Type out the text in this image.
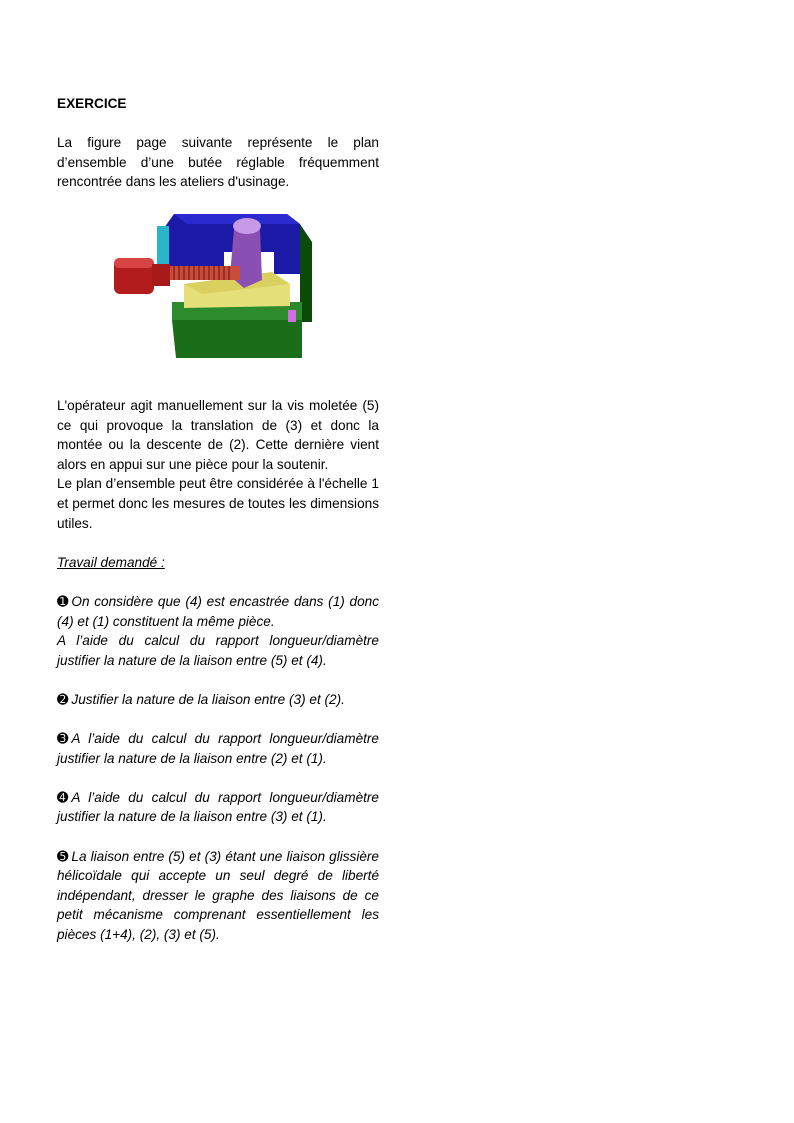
EXERCICE

La figure page suivante représente le plan d’ensemble d’une butée réglable fréquemment rencontrée dans les ateliers d'usinage.

L'opérateur agit manuellement sur la vis moletée (5) ce qui provoque la translation de (3) et donc la montée ou la descente de (2). Cette dernière vient alors en appui sur une pièce pour la soutenir.

Le plan d’ensemble peut être considérée à l'échelle 1 et permet donc les mesures de toutes les dimensions utiles.

Travail demandé :

➊ On considère que (4) est encastrée dans (1) donc (4) et (1) constituent la même pièce.

A l’aide du calcul du rapport longueur/diamètre justifier la nature de la liaison entre (5) et (4).

➋ Justifier la nature de la liaison entre (3) et (2).

➌ A l’aide du calcul du rapport longueur/diamètre justifier la nature de la liaison entre (2) et (1).

➍ A l’aide du calcul du rapport longueur/diamètre justifier la nature de la liaison entre (3) et (1).

➎ La liaison entre (5) et (3) étant une liaison glissière hélicoïdale qui accepte un seul degré de liberté indépendant, dresser le graphe des liaisons de ce petit mécanisme comprenant essentiellement les pièces (1+4), (2), (3) et (5).
